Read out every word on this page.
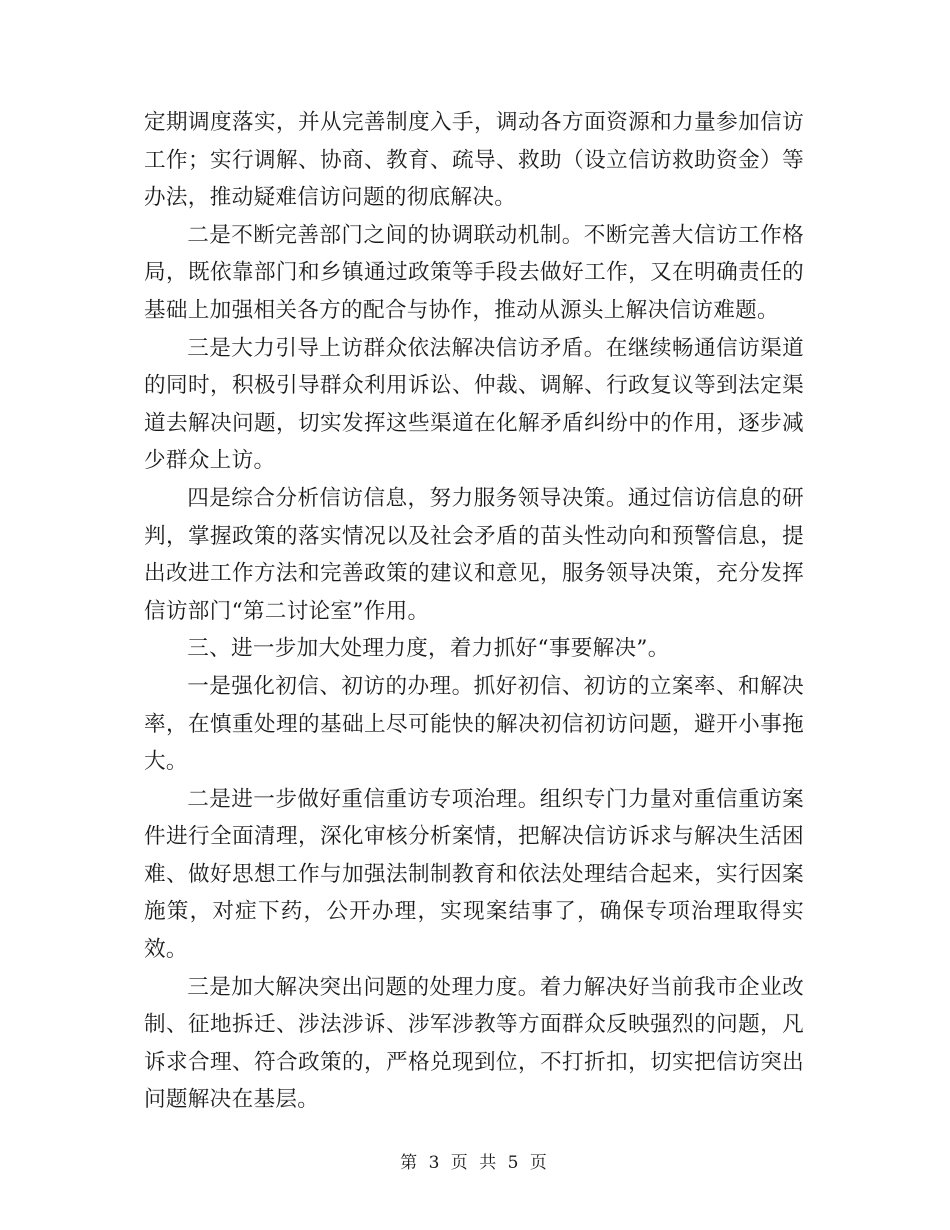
定期调度落实，并从完善制度入手，调动各方面资源和力量参加信访工作；实行调解、协商、教育、疏导、救助（设立信访救助资金）等办法，推动疑难信访问题的彻底解决。

二是不断完善部门之间的协调联动机制。不断完善大信访工作格局，既依靠部门和乡镇通过政策等手段去做好工作，又在明确责任的基础上加强相关各方的配合与协作，推动从源头上解决信访难题。

三是大力引导上访群众依法解决信访矛盾。在继续畅通信访渠道的同时，积极引导群众利用诉讼、仲裁、调解、行政复议等到法定渠道去解决问题，切实发挥这些渠道在化解矛盾纠纷中的作用，逐步减少群众上访。

四是综合分析信访信息，努力服务领导决策。通过信访信息的研判，掌握政策的落实情况以及社会矛盾的苗头性动向和预警信息，提出改进工作方法和完善政策的建议和意见，服务领导决策，充分发挥信访部门“第二讨论室”作用。

三、进一步加大处理力度，着力抓好“事要解决”。

一是强化初信、初访的办理。抓好初信、初访的立案率、和解决率，在慎重处理的基础上尽可能快的解决初信初访问题，避开小事拖大。

二是进一步做好重信重访专项治理。组织专门力量对重信重访案件进行全面清理，深化审核分析案情，把解决信访诉求与解决生活困难、做好思想工作与加强法制制教育和依法处理结合起来，实行因案施策，对症下药，公开办理，实现案结事了，确保专项治理取得实效。

三是加大解决突出问题的处理力度。着力解决好当前我市企业改制、征地拆迁、涉法涉诉、涉军涉教等方面群众反映强烈的问题，凡诉求合理、符合政策的，严格兑现到位，不打折扣，切实把信访突出问题解决在基层。

第 3 页 共 5 页
